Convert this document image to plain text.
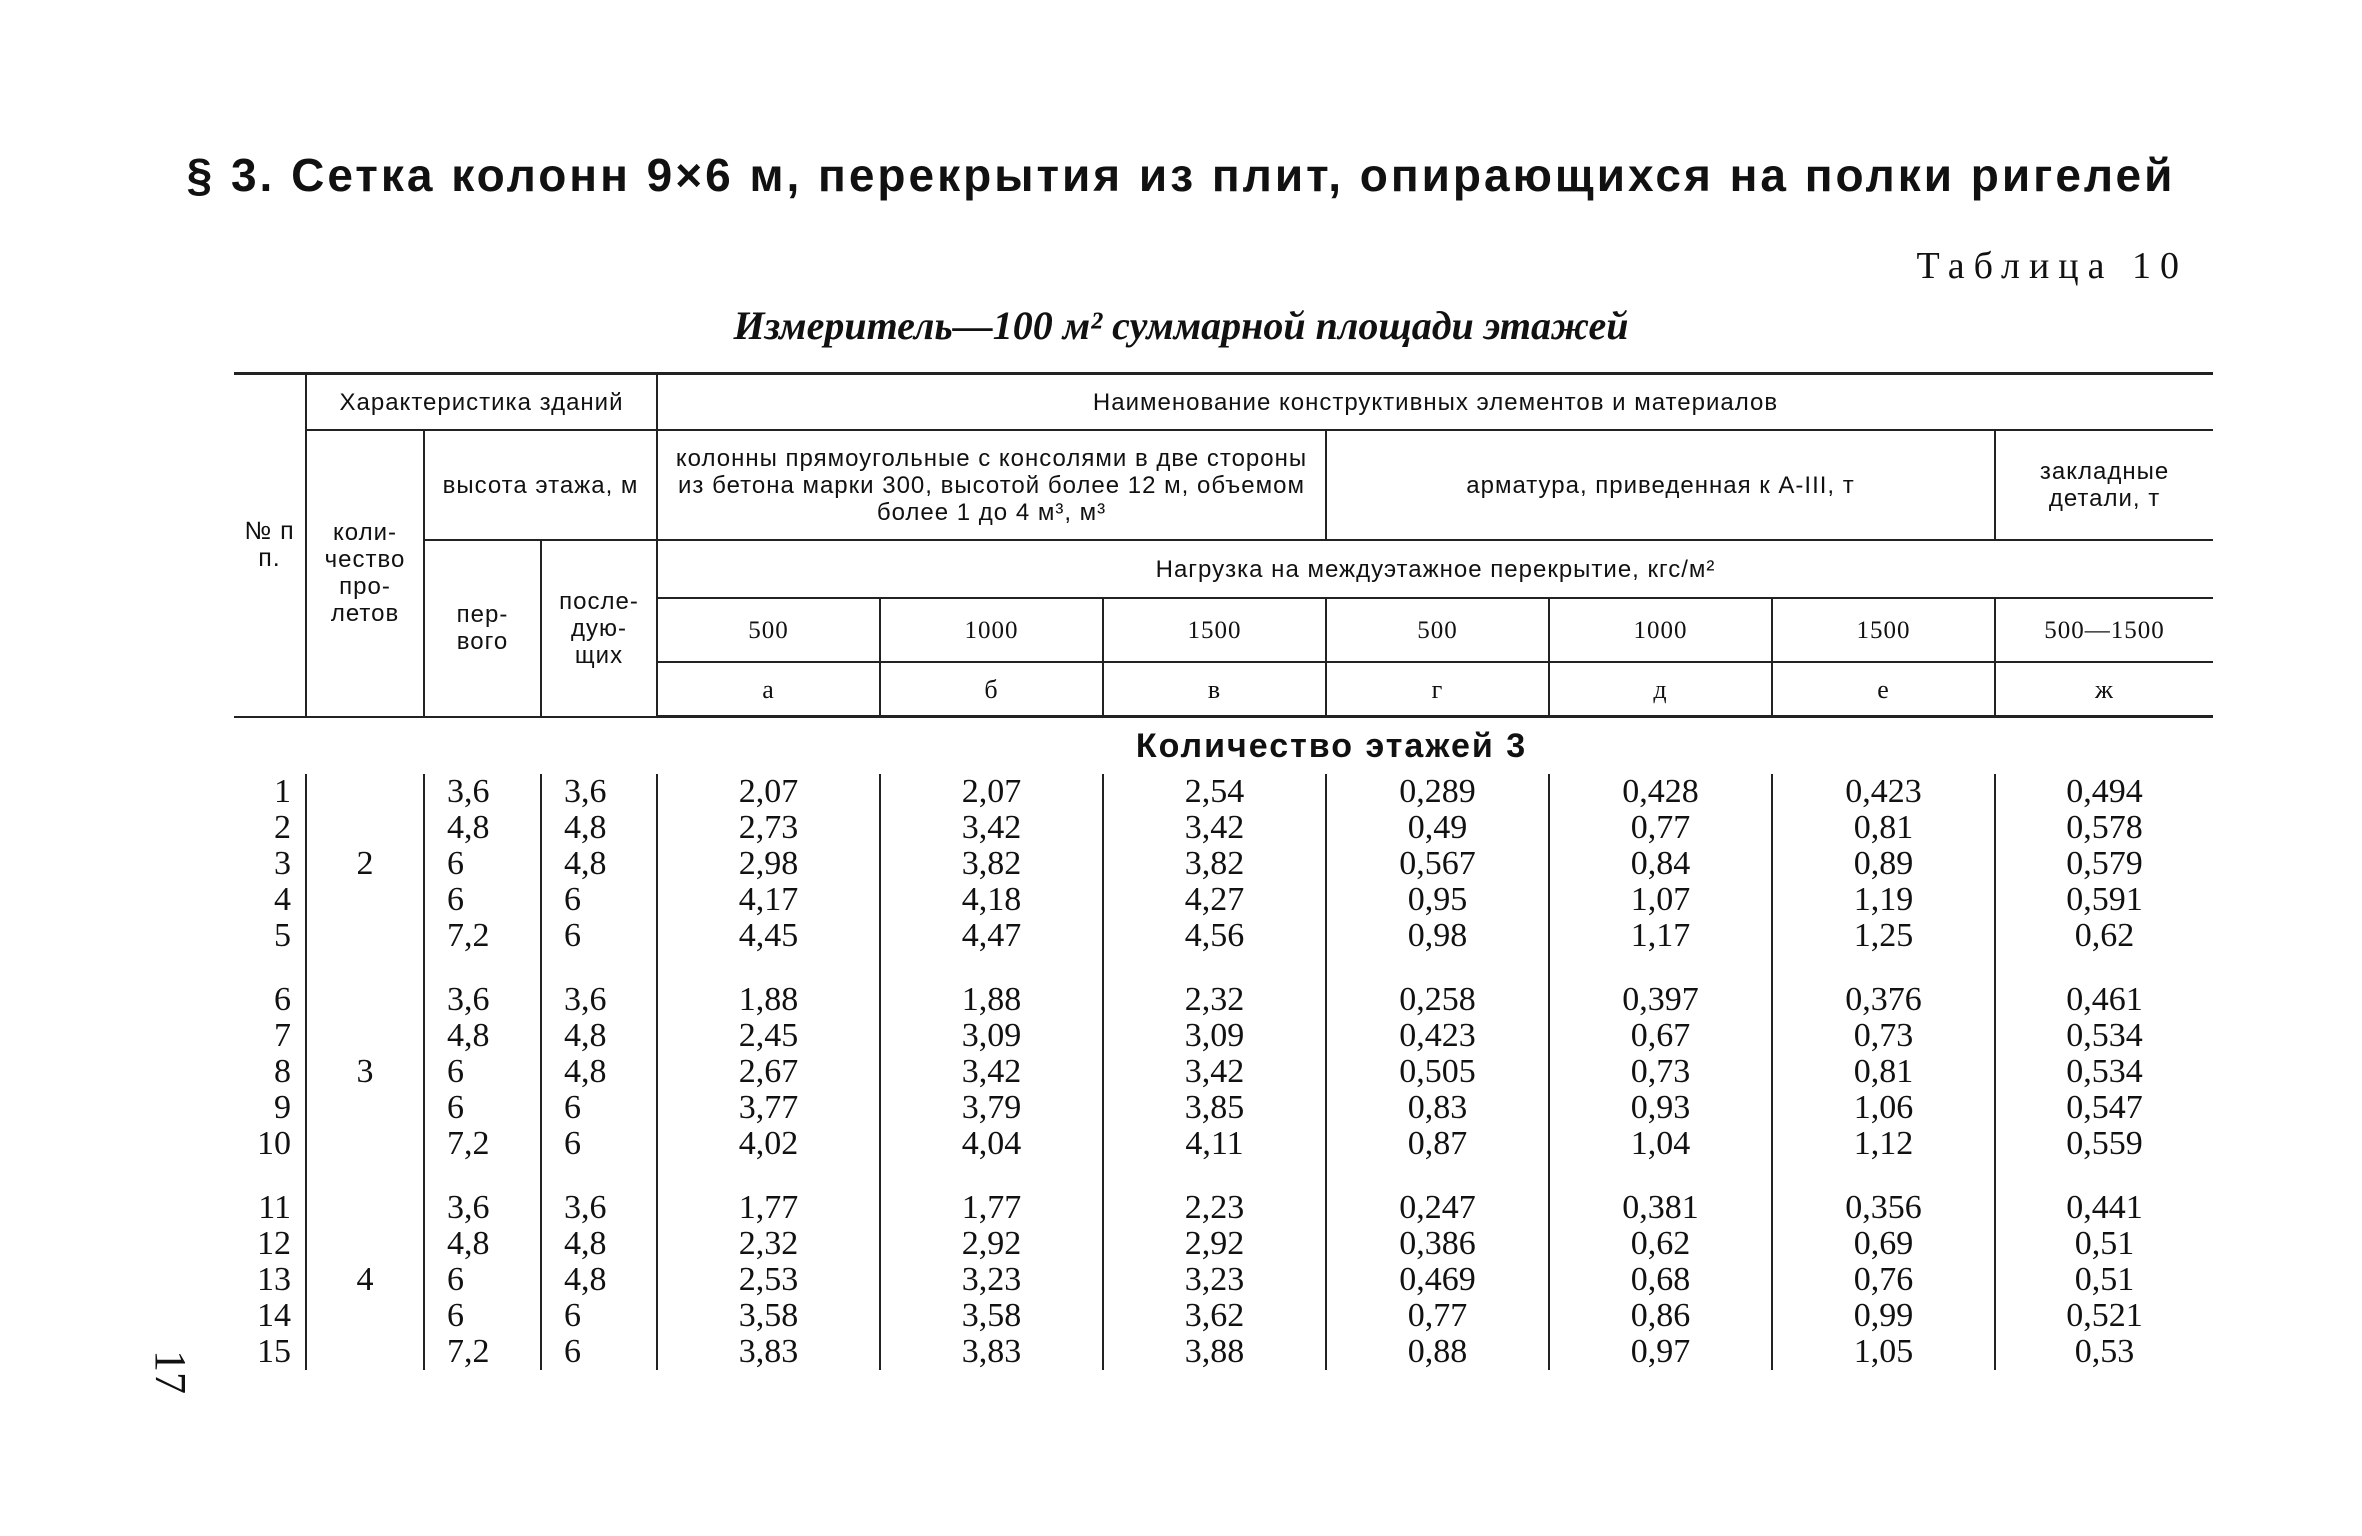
§ 3. Сетка колонн 9×6 м, перекрытия из плит, опирающихся на полки ригелей
Таблица 10
Измеритель—100 м² суммарной площади этажей
№ п п.	Характеристика зданий			Наименование конструктивных элементов и материалов						
	коли-чество про-летов	высота этажа, м		колонны прямоугольные с консолями в две стороны из бетона марки 300, высотой более 12 м, объемом более 1 до 4 м³, м³			арматура, приведенная к А-III, т			закладные детали, т
		пер-вого	после-дую-щих	Нагрузка на междуэтажное перекрытие, кгс/м²						
				500	1000	1500	500	1000	1500	500—1500
				а	б	в	г	д	е	ж
Количество этажей 3										
1	2	3,6	3,6	2,07	2,07	2,54	0,289	0,428	0,423	0,494
2		4,8	4,8	2,73	3,42	3,42	0,49	0,77	0,81	0,578
3		6	4,8	2,98	3,82	3,82	0,567	0,84	0,89	0,579
4		6	6	4,17	4,18	4,27	0,95	1,07	1,19	0,591
5		7,2	6	4,45	4,47	4,56	0,98	1,17	1,25	0,62

6	3	3,6	3,6	1,88	1,88	2,32	0,258	0,397	0,376	0,461
7		4,8	4,8	2,45	3,09	3,09	0,423	0,67	0,73	0,534
8		6	4,8	2,67	3,42	3,42	0,505	0,73	0,81	0,534
9		6	6	3,77	3,79	3,85	0,83	0,93	1,06	0,547
10		7,2	6	4,02	4,04	4,11	0,87	1,04	1,12	0,559

11	4	3,6	3,6	1,77	1,77	2,23	0,247	0,381	0,356	0,441
12		4,8	4,8	2,32	2,92	2,92	0,386	0,62	0,69	0,51
13		6	4,8	2,53	3,23	3,23	0,469	0,68	0,76	0,51
14		6	6	3,58	3,58	3,62	0,77	0,86	0,99	0,521
15		7,2	6	3,83	3,83	3,88	0,88	0,97	1,05	0,53
17
